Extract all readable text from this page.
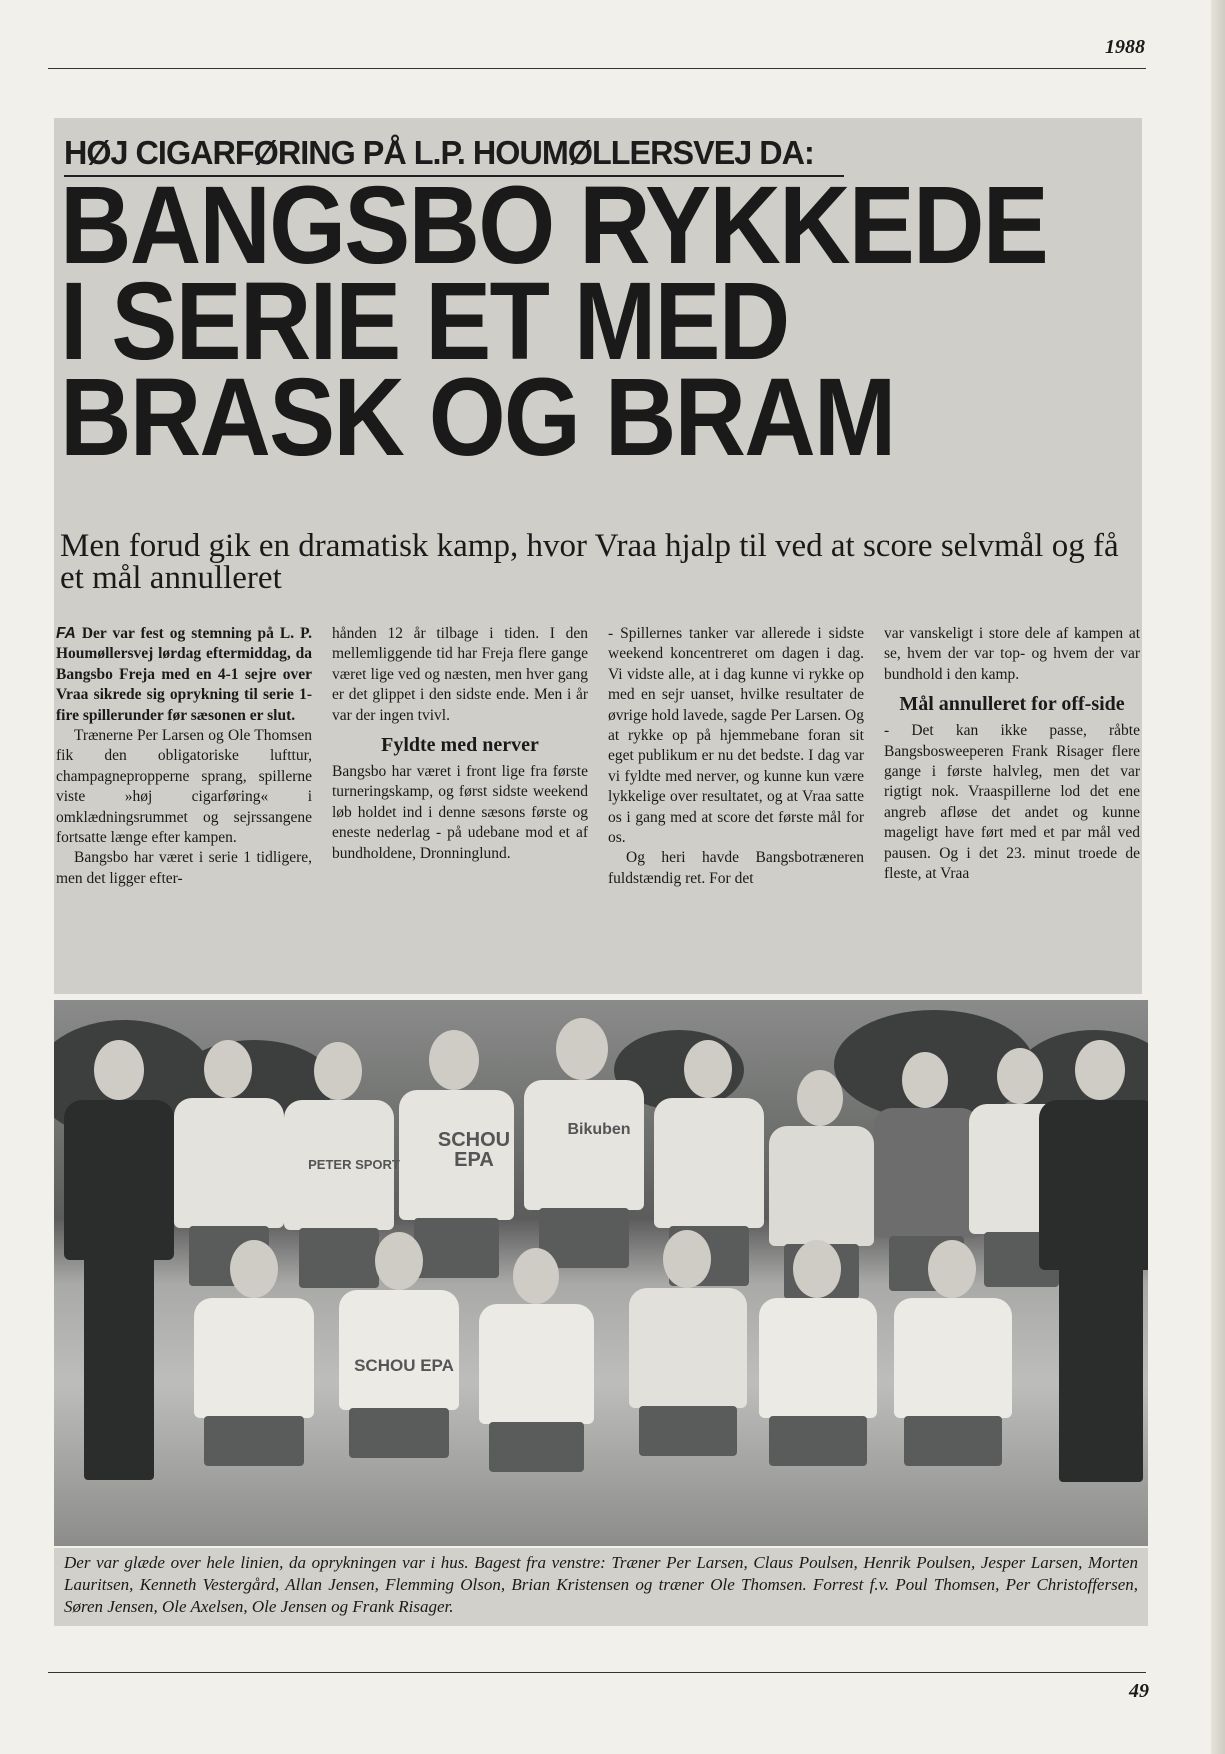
1988
HØJ CIGARFØRING PÅ L.P. HOUMØLLERSVEJ DA:
BANGSBO RYKKEDE
I SERIE ET MED
BRASK OG BRAM
Men forud gik en dramatisk kamp, hvor Vraa hjalp til ved at score selvmål og få et mål annulleret

FA Der var fest og stemning på L. P. Houmøllersvej lørdag eftermiddag, da Bangsbo Freja med en 4-1 sejre over Vraa sikrede sig oprykning til serie 1- fire spillerunder før sæsonen er slut.

Trænerne Per Larsen og Ole Thomsen fik den obligatoriske lufttur, champagnepropperne sprang, spillerne viste »høj cigarføring« i omklædningsrummet og sejrssangene fortsatte længe efter kampen.

Bangsbo har været i serie 1 tidligere, men det ligger efter-

hånden 12 år tilbage i tiden. I den mellemliggende tid har Freja flere gange været lige ved og næsten, men hver gang er det glippet i den sidste ende. Men i år var der ingen tvivl.

Fyldte med nerver

Bangsbo har været i front lige fra første turneringskamp, og først sidste weekend løb holdet ind i denne sæsons første og eneste nederlag - på udebane mod et af bundholdene, Dronninglund.

- Spillernes tanker var allerede i sidste weekend koncentreret om dagen i dag. Vi vidste alle, at i dag kunne vi rykke op med en sejr uanset, hvilke resultater de øvrige hold lavede, sagde Per Larsen. Og at rykke op på hjemmebane foran sit eget publikum er nu det bedste. I dag var vi fyldte med nerver, og kunne kun være lykkelige over resultatet, og at Vraa satte os i gang med at score det første mål for os.

Og heri havde Bangsbotræneren fuldstændig ret. For det

var vanskeligt i store dele af kampen at se, hvem der var top- og hvem der var bundhold i den kamp.

Mål annulleret for off-side

- Det kan ikke passe, råbte Bangsbosweeperen Frank Risager flere gange i første halvleg, men det var rigtigt nok. Vraaspillerne lod det ene angreb afløse det andet og kunne mageligt have ført med et par mål ved pausen. Og i det 23. minut troede de fleste, at Vraa

SCHOU EPA
Bikuben
PETER SPORT
SCHOU EPA
Der var glæde over hele linien, da oprykningen var i hus. Bagest fra venstre: Træner Per Larsen, Claus Poulsen, Henrik Poulsen, Jesper Larsen, Morten Lauritsen, Kenneth Vestergård, Allan Jensen, Flemming Olson, Brian Kristensen og træner Ole Thomsen. Forrest f.v. Poul Thomsen, Per Christoffersen, Søren Jensen, Ole Axelsen, Ole Jensen og Frank Risager.
49
